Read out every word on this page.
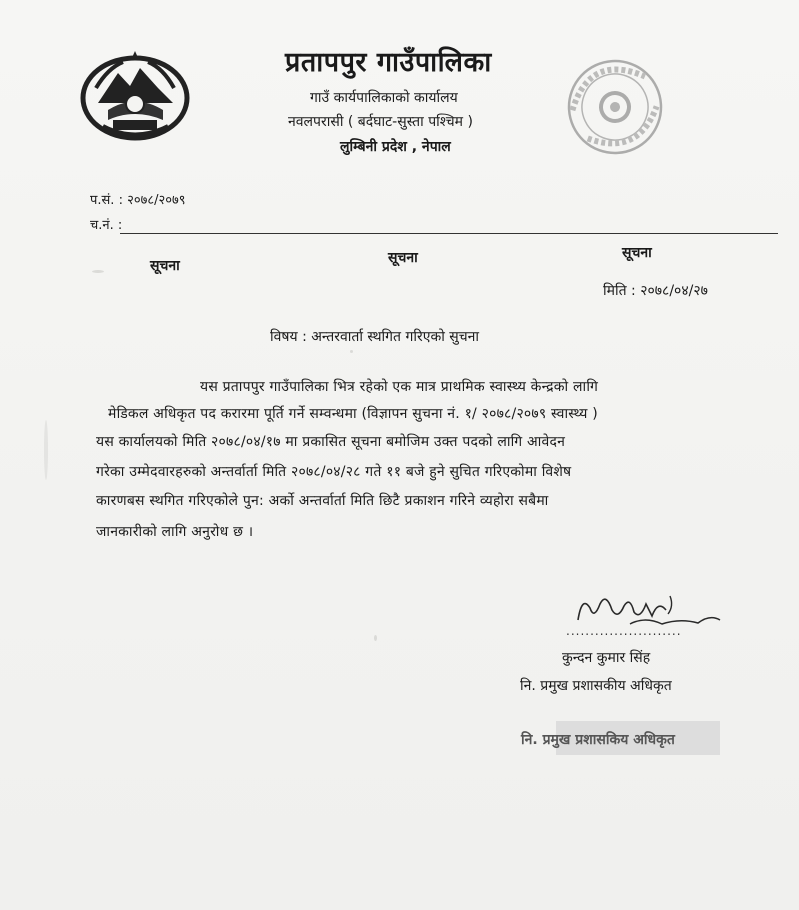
प्रतापपुर गाउँपालिका
गाउँ कार्यपालिकाको कार्यालय
नवलपरासी ( बर्दघाट-सुस्ता पश्चिम )
लुम्बिनी प्रदेश , नेपाल
प.सं. : २०७८/२०७९
च.नं. :
सूचना	सूचना	सूचना
मिति : २०७८/०४/२७
विषय : अन्तरवार्ता स्थगित गरिएको सुचना
यस प्रतापपुर गाउँपालिका भित्र रहेको एक मात्र प्राथमिक स्वास्थ्य केन्द्रको लागि
मेडिकल अधिकृत पद करारमा पूर्ति गर्ने सम्वन्धमा (विज्ञापन सुचना नं. १/ २०७८/२०७९ स्वास्थ्य )
यस कार्यालयको मिति २०७८/०४/१७ मा प्रकासित सूचना बमोजिम उक्त पदको लागि आवेदन
गरेका उम्मेदवारहरुको अन्तर्वार्ता मिति २०७८/०४/२८ गते ११ बजे हुने सुचित गरिएकोमा विशेष
कारणबस स्थगित गरिएकोले पुन: अर्को अन्तर्वार्ता मिति छिटै प्रकाशन गरिने व्यहोरा सबैमा
जानकारीको लागि अनुरोध छ ।
........................
कुन्दन कुमार सिंह
नि. प्रमुख प्रशासकीय अधिकृत
नि. प्रमुख प्रशासकिय अधिकृत
